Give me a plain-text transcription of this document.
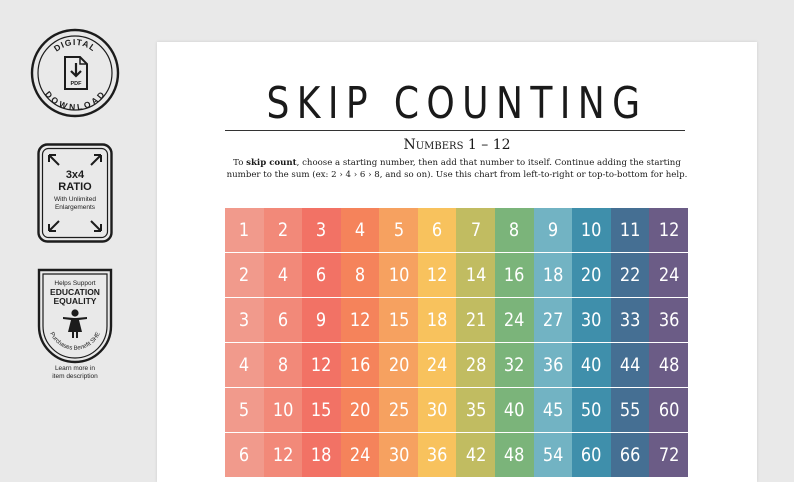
DIGITAL
DOWNLOAD
PDF
3x4
RATIO
With Unlimited
Enlargements
Helps Support
EDUCATION
EQUALITY
Purchases Benefit SHE
Learn more in
item description
SKIP COUNTING
Numbers 1 – 12
To skip count, choose a starting number, then add that number to itself. Continue adding the starting number to the sum (ex: 2 › 4 › 6 › 8, and so on). Use this chart from left-to-right or top-to-bottom for help.
1 2 3 4 5 6 7 8 9 10 11 12
2 4 6 8 10 12 14 16 18 20 22 24
3 6 9 12 15 18 21 24 27 30 33 36
4 8 12 16 20 24 28 32 36 40 44 48
5 10 15 20 25 30 35 40 45 50 55 60
6 12 18 24 30 36 42 48 54 60 66 72
